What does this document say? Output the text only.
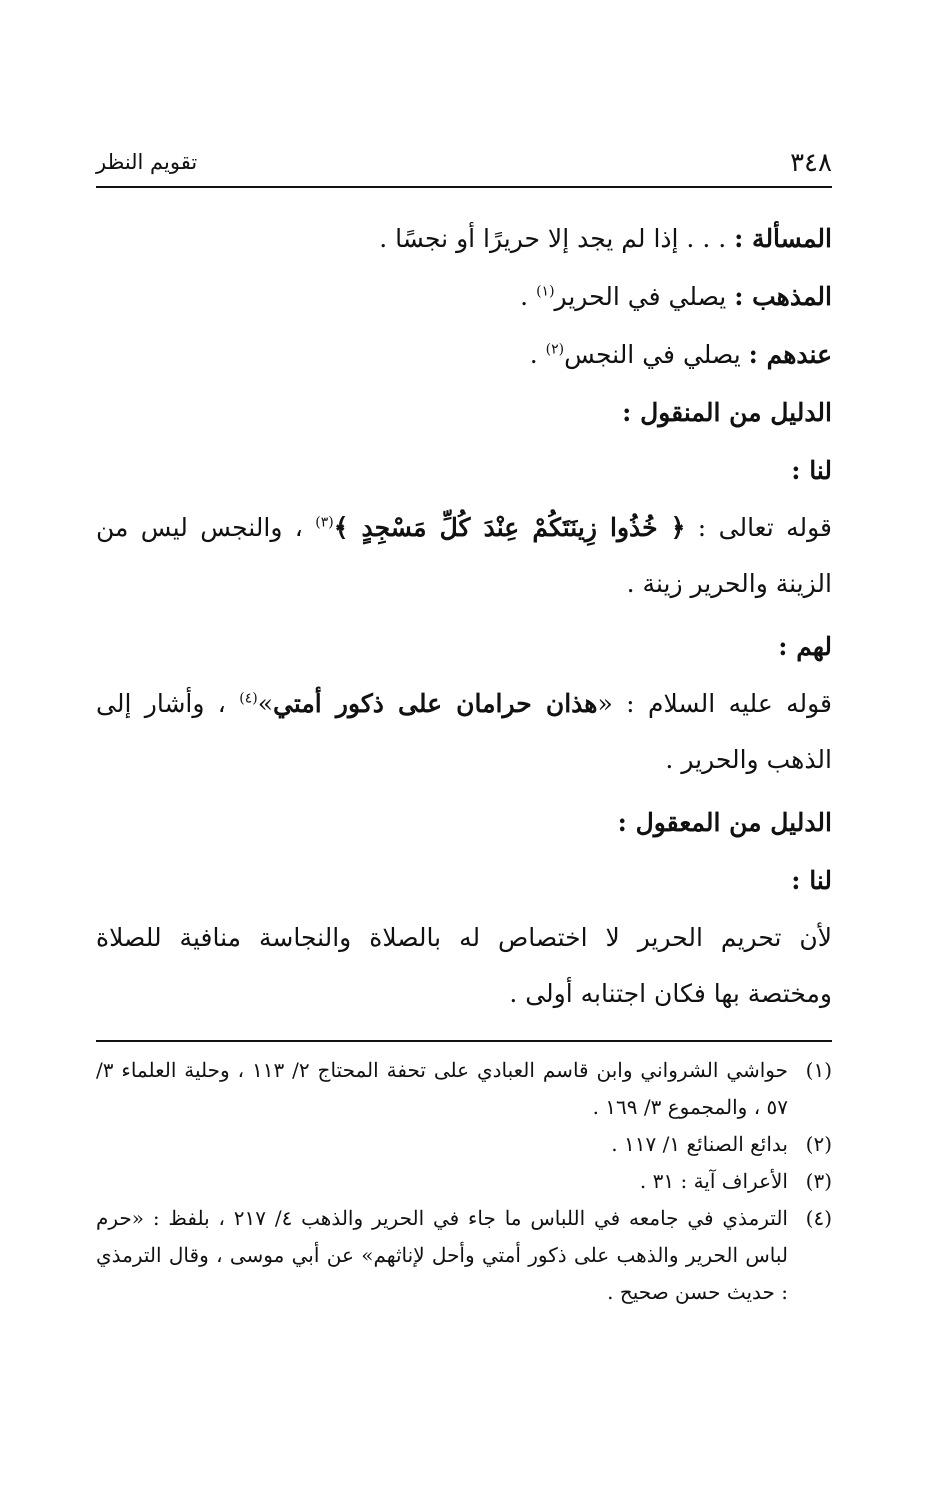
٣٤٨
تقويم النظر
المسألة : . . . إذا لم يجد إلا حريرًا أو نجسًا .
المذهب : يصلي في الحرير$^{(١)}$ .
عندهم : يصلي في النجس$^{(٢)}$ .
الدليل من المنقول :
لنا :
قوله تعالى : ﴿ خُذُوا زِينَتَكُمْ عِنْدَ كُلِّ مَسْجِدٍ ﴾$^{(٣)}$ ، والنجس ليس من الزينة والحرير زينة .
لهم :
قوله عليه السلام : «هذان حرامان على ذكور أمتي»$^{(٤)}$ ، وأشار إلى الذهب والحرير .
الدليل من المعقول :
لنا :
لأن تحريم الحرير لا اختصاص له بالصلاة والنجاسة منافية للصلاة ومختصة بها فكان اجتنابه أولى .
(١)
حواشي الشرواني وابن قاسم العبادي على تحفة المحتاج ٢/ ١١٣ ، وحلية العلماء ٣/ ٥٧ ، والمجموع ٣/ ١٦٩ .
(٢)
بدائع الصنائع ١/ ١١٧ .
(٣)
الأعراف آية : ٣١ .
(٤)
الترمذي في جامعه في اللباس ما جاء في الحرير والذهب ٤/ ٢١٧ ، بلفظ : «حرم لباس الحرير والذهب على ذكور أمتي وأحل لإناثهم» عن أبي موسى ، وقال الترمذي : حديث حسن صحيح .
